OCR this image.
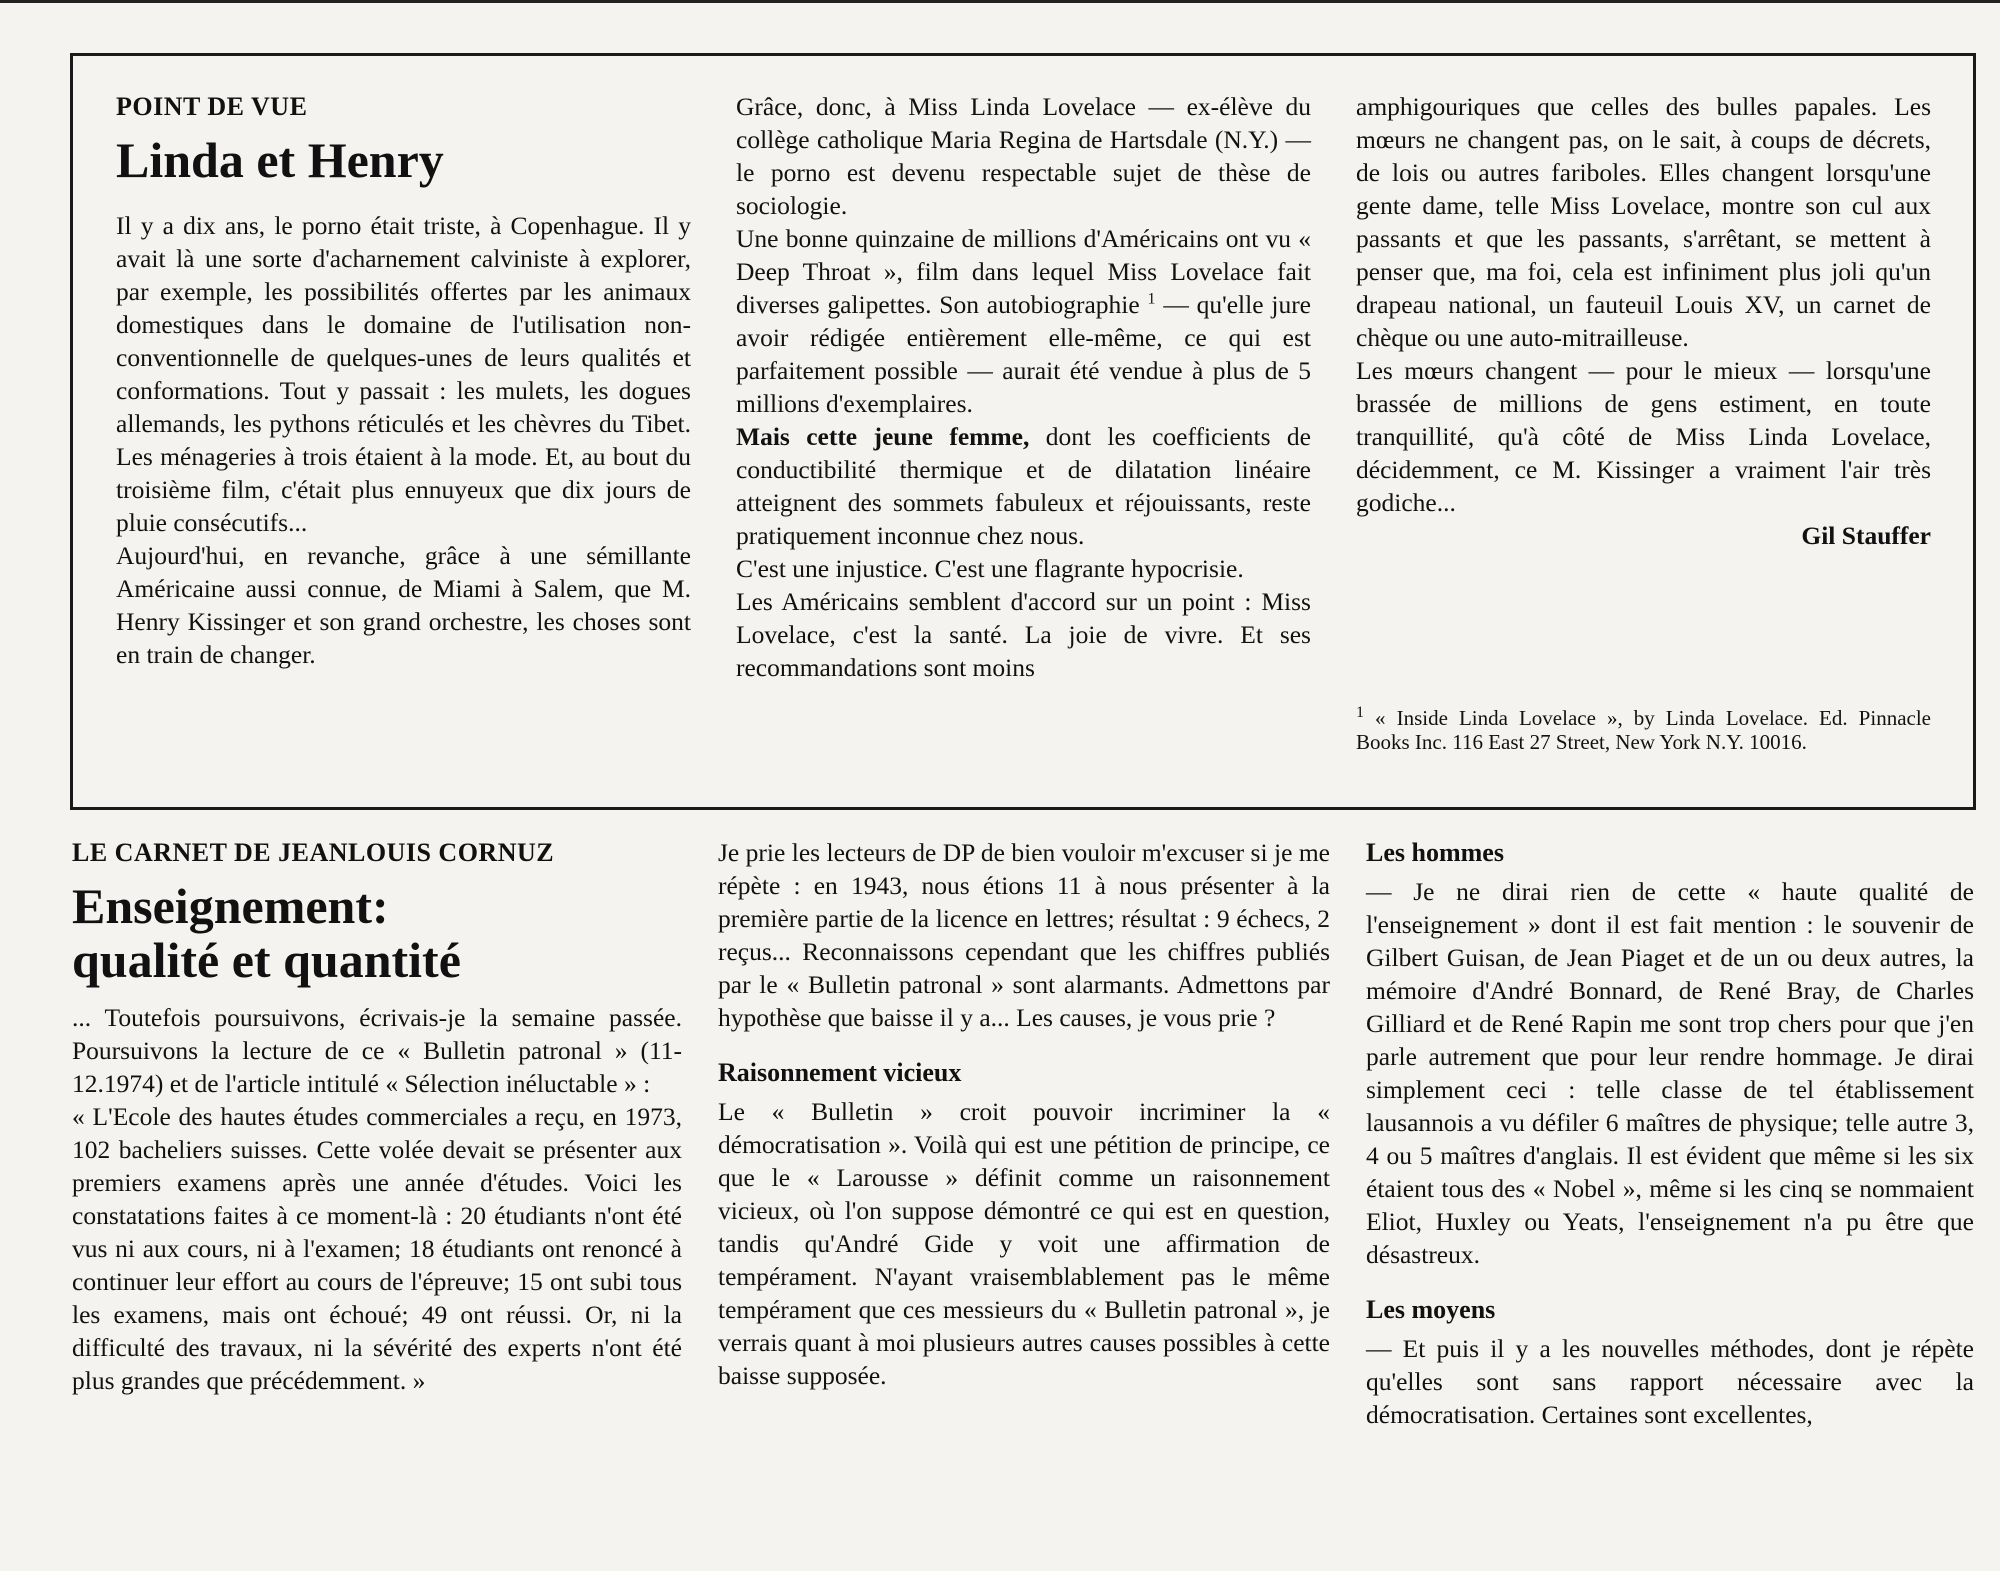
POINT DE VUE
Linda et Henry

Il y a dix ans, le porno était triste, à Copenhague. Il y avait là une sorte d'acharnement calviniste à explorer, par exemple, les possibilités offertes par les animaux domestiques dans le domaine de l'utilisation non-conventionnelle de quelques-unes de leurs qualités et conformations. Tout y passait : les mulets, les dogues allemands, les pythons réticulés et les chèvres du Tibet. Les ménageries à trois étaient à la mode. Et, au bout du troisième film, c'était plus ennuyeux que dix jours de pluie consécutifs...

Aujourd'hui, en revanche, grâce à une sémillante Américaine aussi connue, de Miami à Salem, que M. Henry Kissinger et son grand orchestre, les choses sont en train de changer.

Grâce, donc, à Miss Linda Lovelace — ex-élève du collège catholique Maria Regina de Hartsdale (N.Y.) — le porno est devenu respectable sujet de thèse de sociologie.

Une bonne quinzaine de millions d'Américains ont vu « Deep Throat », film dans lequel Miss Lovelace fait diverses galipettes. Son autobiographie $^1$ — qu'elle jure avoir rédigée entièrement elle-même, ce qui est parfaitement possible — aurait été vendue à plus de 5 millions d'exemplaires.

Mais cette jeune femme, dont les coefficients de conductibilité thermique et de dilatation linéaire atteignent des sommets fabuleux et réjouissants, reste pratiquement inconnue chez nous.

C'est une injustice. C'est une flagrante hypocrisie.

Les Américains semblent d'accord sur un point : Miss Lovelace, c'est la santé. La joie de vivre. Et ses recommandations sont moins

amphigouriques que celles des bulles papales. Les mœurs ne changent pas, on le sait, à coups de décrets, de lois ou autres fariboles. Elles changent lorsqu'une gente dame, telle Miss Lovelace, montre son cul aux passants et que les passants, s'arrêtant, se mettent à penser que, ma foi, cela est infiniment plus joli qu'un drapeau national, un fauteuil Louis XV, un carnet de chèque ou une auto-mitrailleuse.

Les mœurs changent — pour le mieux — lorsqu'une brassée de millions de gens estiment, en toute tranquillité, qu'à côté de Miss Linda Lovelace, décidemment, ce M. Kissinger a vraiment l'air très godiche...

Gil Stauffer

$^1$ « Inside Linda Lovelace », by Linda Lovelace. Ed. Pinnacle Books Inc. 116 East 27 Street, New York N.Y. 10016.
LE CARNET DE JEANLOUIS CORNUZ
Enseignement:
qualité et quantité

... Toutefois poursuivons, écrivais-je la semaine passée. Poursuivons la lecture de ce « Bulletin patronal » (11-12.1974) et de l'article intitulé « Sélection inéluctable » :

« L'Ecole des hautes études commerciales a reçu, en 1973, 102 bacheliers suisses. Cette volée devait se présenter aux premiers examens après une année d'études. Voici les constatations faites à ce moment-là : 20 étudiants n'ont été vus ni aux cours, ni à l'examen; 18 étudiants ont renoncé à continuer leur effort au cours de l'épreuve; 15 ont subi tous les examens, mais ont échoué; 49 ont réussi. Or, ni la difficulté des travaux, ni la sévérité des experts n'ont été plus grandes que précédemment. »

Je prie les lecteurs de DP de bien vouloir m'excuser si je me répète : en 1943, nous étions 11 à nous présenter à la première partie de la licence en lettres; résultat : 9 échecs, 2 reçus... Reconnaissons cependant que les chiffres publiés par le « Bulletin patronal » sont alarmants. Admettons par hypothèse que baisse il y a... Les causes, je vous prie ?

Raisonnement vicieux

Le « Bulletin » croit pouvoir incriminer la « démocratisation ». Voilà qui est une pétition de principe, ce que le « Larousse » définit comme un raisonnement vicieux, où l'on suppose démontré ce qui est en question, tandis qu'André Gide y voit une affirmation de tempérament. N'ayant vraisemblablement pas le même tempérament que ces messieurs du « Bulletin patronal », je verrais quant à moi plusieurs autres causes possibles à cette baisse supposée.

Les hommes

— Je ne dirai rien de cette « haute qualité de l'enseignement » dont il est fait mention : le souvenir de Gilbert Guisan, de Jean Piaget et de un ou deux autres, la mémoire d'André Bonnard, de René Bray, de Charles Gilliard et de René Rapin me sont trop chers pour que j'en parle autrement que pour leur rendre hommage. Je dirai simplement ceci : telle classe de tel établissement lausannois a vu défiler 6 maîtres de physique; telle autre 3, 4 ou 5 maîtres d'anglais. Il est évident que même si les six étaient tous des « Nobel », même si les cinq se nommaient Eliot, Huxley ou Yeats, l'enseignement n'a pu être que désastreux.

Les moyens

— Et puis il y a les nouvelles méthodes, dont je répète qu'elles sont sans rapport nécessaire avec la démocratisation. Certaines sont excellentes,
